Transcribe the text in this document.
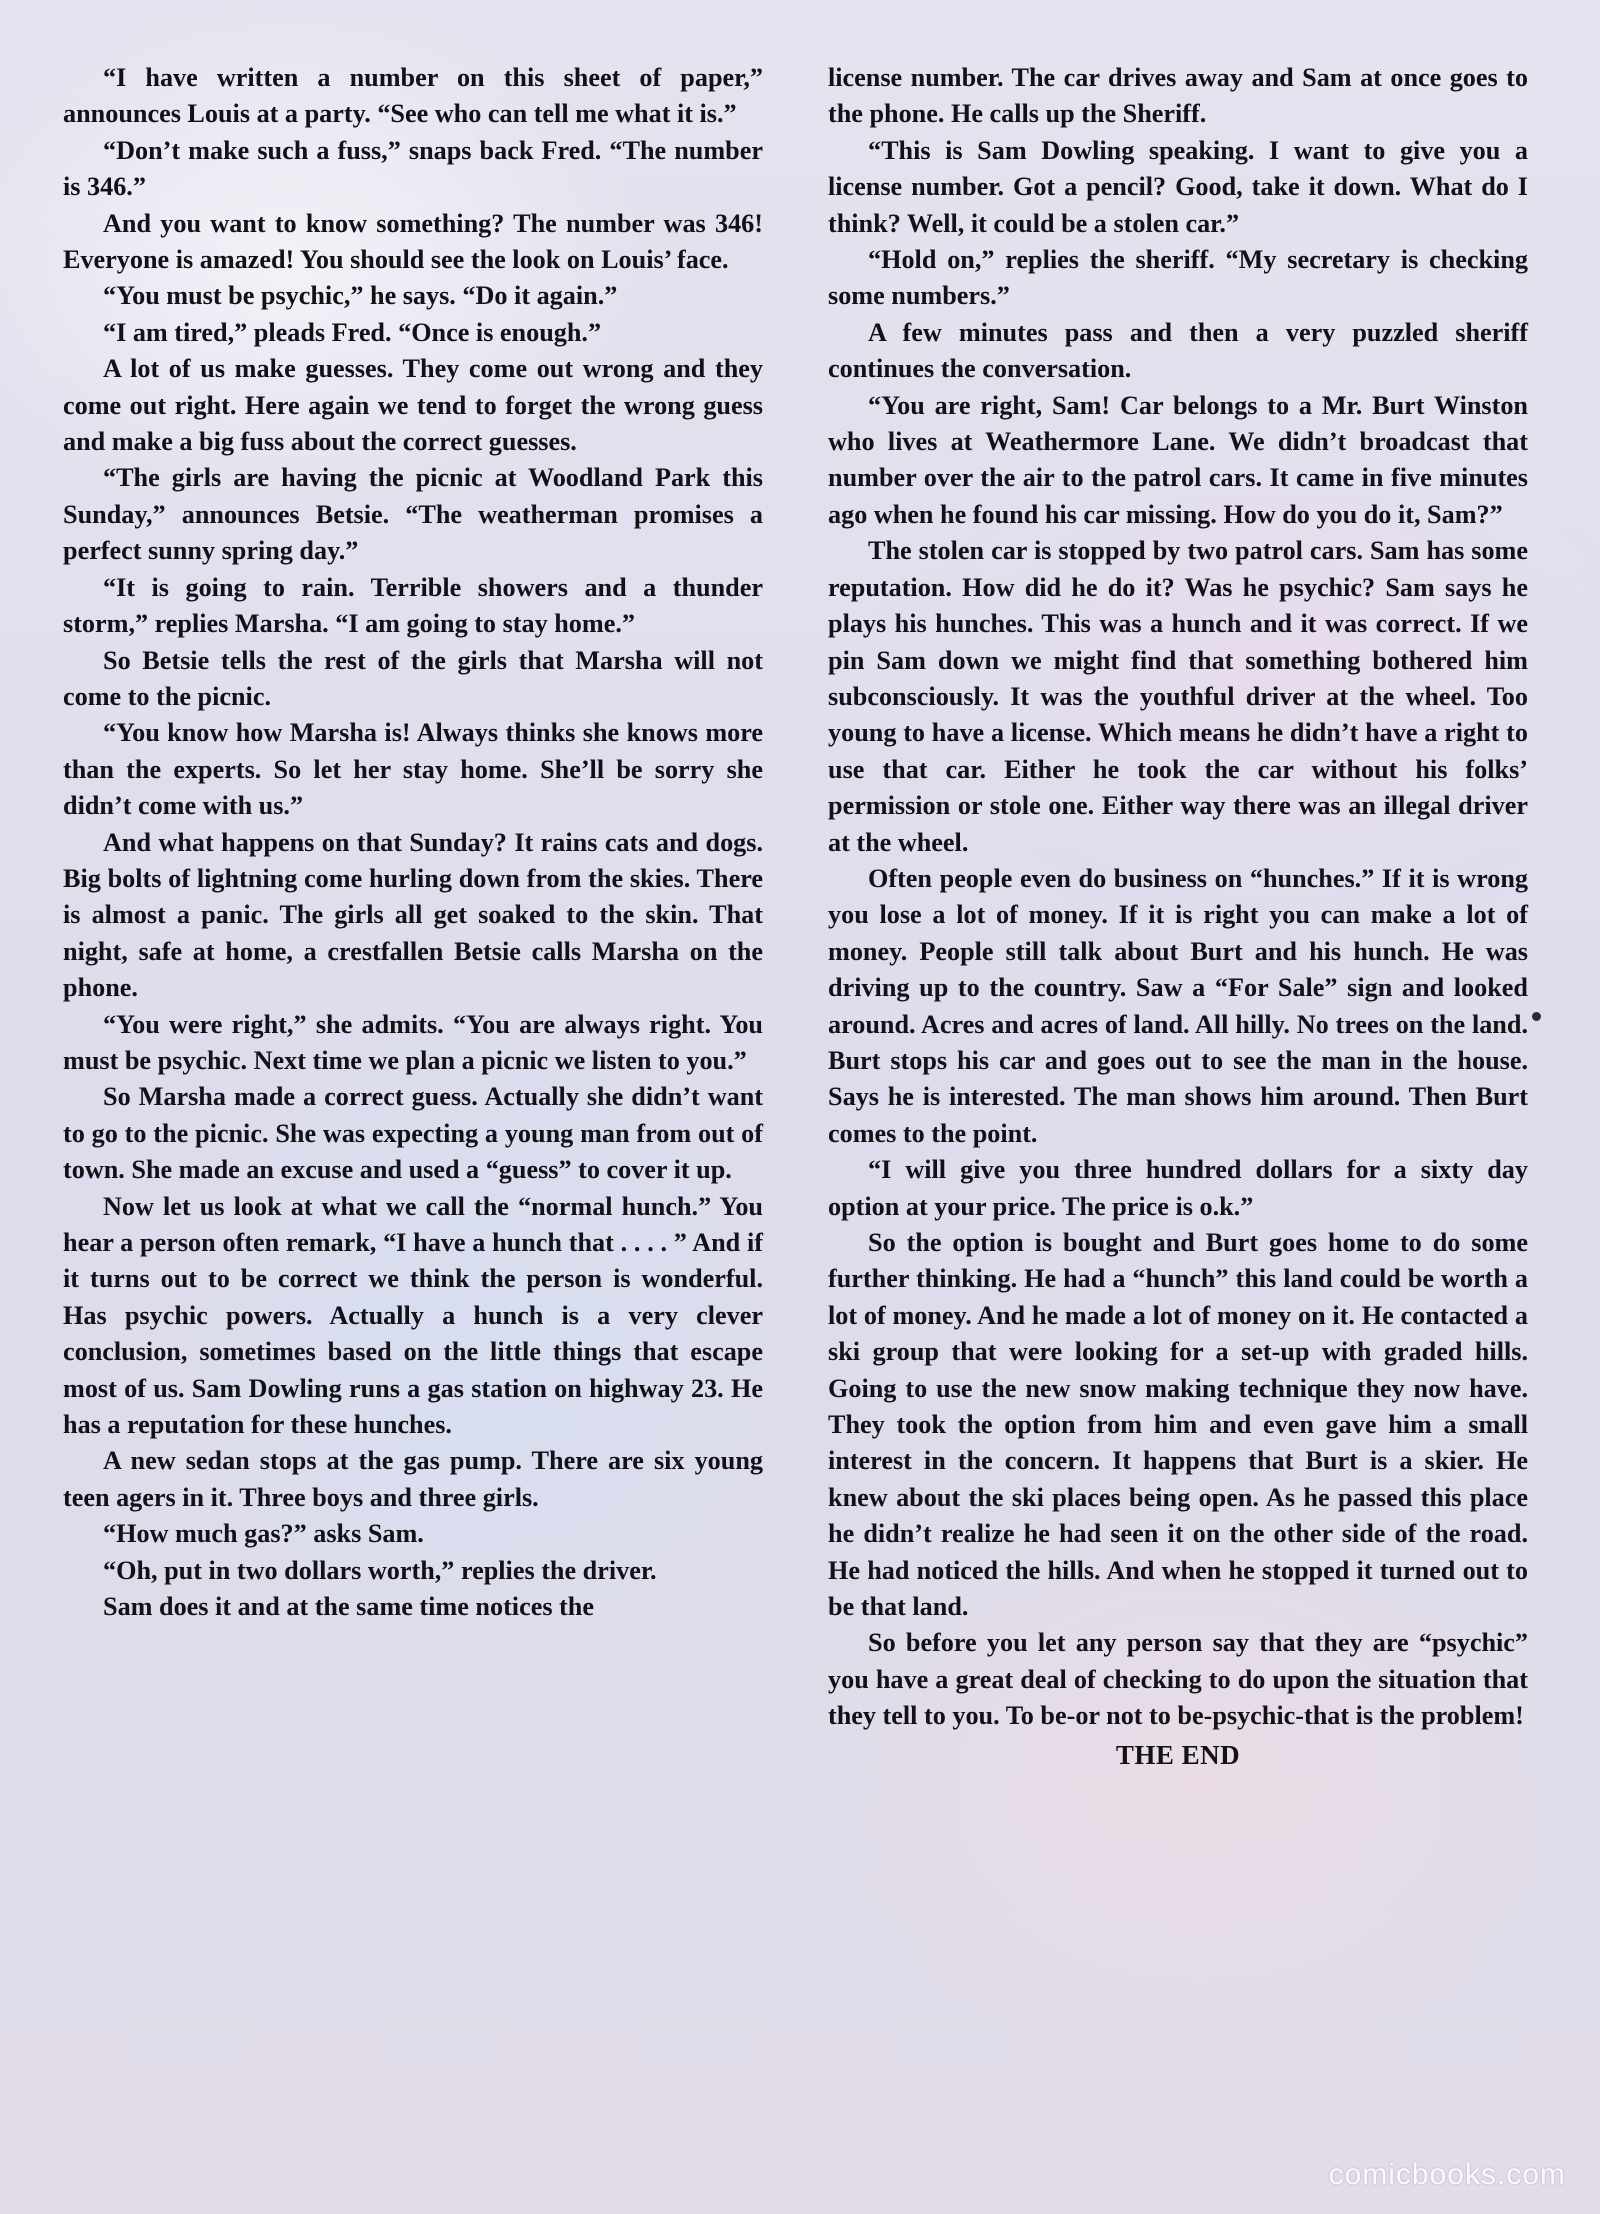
“I have written a number on this sheet of paper,” announces Louis at a party. “See who can tell me what it is.”

“Don’t make such a fuss,” snaps back Fred. “The number is 346.”

And you want to know something? The number was 346! Everyone is amazed! You should see the look on Louis’ face.

“You must be psychic,” he says. “Do it again.”

“I am tired,” pleads Fred. “Once is enough.”

A lot of us make guesses. They come out wrong and they come out right. Here again we tend to forget the wrong guess and make a big fuss about the correct guesses.

“The girls are having the picnic at Woodland Park this Sunday,” announces Betsie. “The weatherman promises a perfect sunny spring day.”

“It is going to rain. Terrible showers and a thunder storm,” replies Marsha. “I am going to stay home.”

So Betsie tells the rest of the girls that Marsha will not come to the picnic.

“You know how Marsha is! Always thinks she knows more than the experts. So let her stay home. She’ll be sorry she didn’t come with us.”

And what happens on that Sunday? It rains cats and dogs. Big bolts of lightning come hurling down from the skies. There is almost a panic. The girls all get soaked to the skin. That night, safe at home, a crestfallen Betsie calls Marsha on the phone.

“You were right,” she admits. “You are always right. You must be psychic. Next time we plan a picnic we listen to you.”

So Marsha made a correct guess. Actually she didn’t want to go to the picnic. She was expecting a young man from out of town. She made an excuse and used a “guess” to cover it up.

Now let us look at what we call the “normal hunch.” You hear a person often remark, “I have a hunch that . . . . ” And if it turns out to be correct we think the person is wonderful. Has psychic powers. Actually a hunch is a very clever conclusion, sometimes based on the little things that escape most of us. Sam Dowling runs a gas station on highway 23. He has a reputation for these hunches.

A new sedan stops at the gas pump. There are six young teen agers in it. Three boys and three girls.

“How much gas?” asks Sam.

“Oh, put in two dollars worth,” replies the driver.

Sam does it and at the same time notices the

license number. The car drives away and Sam at once goes to the phone. He calls up the Sheriff.

“This is Sam Dowling speaking. I want to give you a license number. Got a pencil? Good, take it down. What do I think? Well, it could be a stolen car.”

“Hold on,” replies the sheriff. “My secretary is checking some numbers.”

A few minutes pass and then a very puzzled sheriff continues the conversation.

“You are right, Sam! Car belongs to a Mr. Burt Winston who lives at Weathermore Lane. We didn’t broadcast that number over the air to the patrol cars. It came in five minutes ago when he found his car missing. How do you do it, Sam?”

The stolen car is stopped by two patrol cars. Sam has some reputation. How did he do it? Was he psychic? Sam says he plays his hunches. This was a hunch and it was correct. If we pin Sam down we might find that something bothered him subconsciously. It was the youthful driver at the wheel. Too young to have a license. Which means he didn’t have a right to use that car. Either he took the car without his folks’ permission or stole one. Either way there was an illegal driver at the wheel.

Often people even do business on “hunches.” If it is wrong you lose a lot of money. If it is right you can make a lot of money. People still talk about Burt and his hunch. He was driving up to the country. Saw a “For Sale” sign and looked around. Acres and acres of land. All hilly. No trees on the land. Burt stops his car and goes out to see the man in the house. Says he is interested. The man shows him around. Then Burt comes to the point.

“I will give you three hundred dollars for a sixty day option at your price. The price is o.k.”

So the option is bought and Burt goes home to do some further thinking. He had a “hunch” this land could be worth a lot of money. And he made a lot of money on it. He contacted a ski group that were looking for a set-up with graded hills. Going to use the new snow making technique they now have. They took the option from him and even gave him a small interest in the concern. It happens that Burt is a skier. He knew about the ski places being open. As he passed this place he didn’t realize he had seen it on the other side of the road. He had noticed the hills. And when he stopped it turned out to be that land.

So before you let any person say that they are “psychic” you have a great deal of checking to do upon the situation that they tell to you. To be-or not to be-psychic-that is the problem!

THE END

comicbooks.com
